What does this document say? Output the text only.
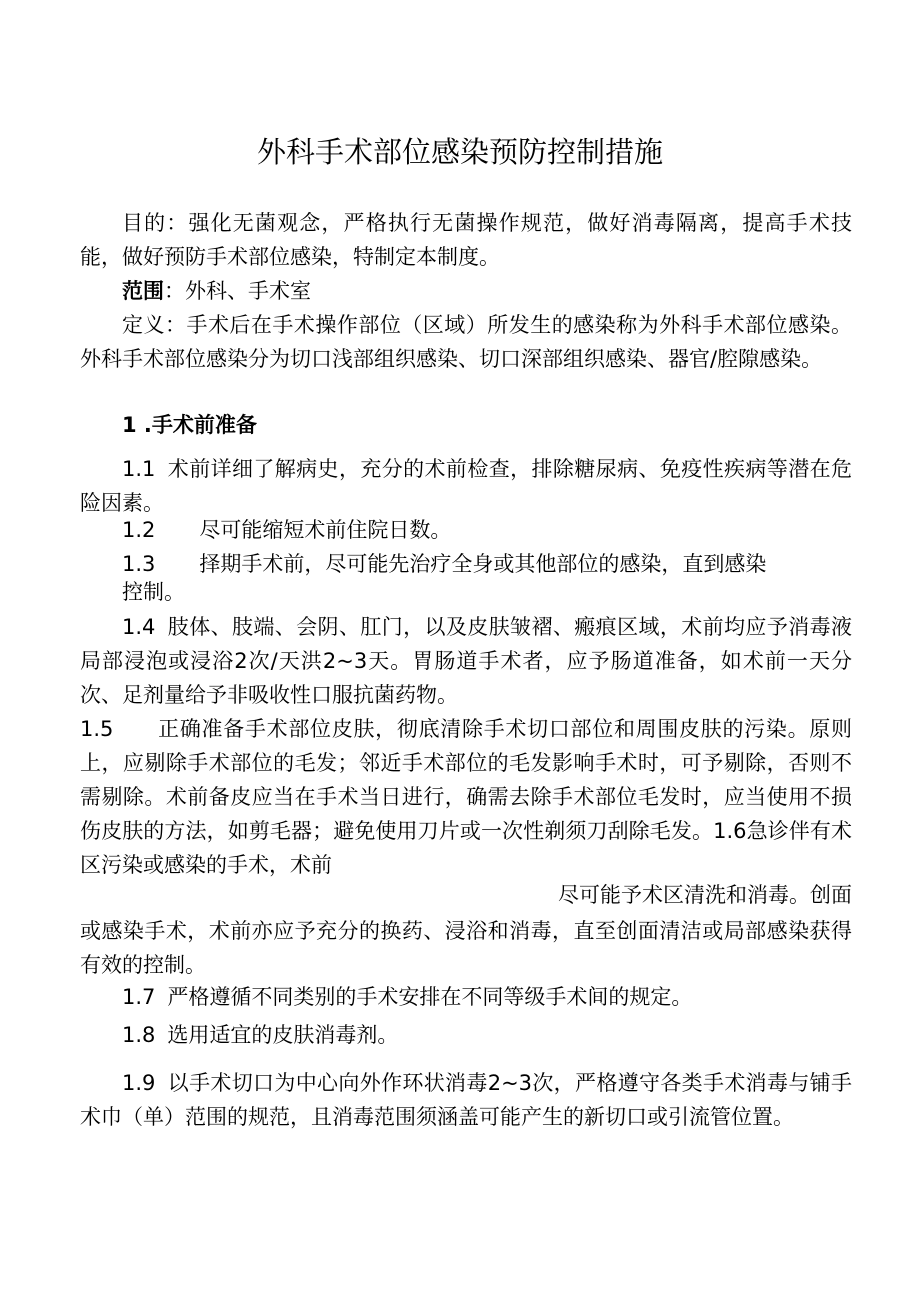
外科手术部位感染预防控制措施

目的：强化无菌观念，严格执行无菌操作规范，做好消毒隔离，提高手术技能，做好预防手术部位感染，特制定本制度。

范围：外科、手术室

定义：手术后在手术操作部位（区域）所发生的感染称为外科手术部位感染。外科手术部位感染分为切口浅部组织感染、切口深部组织感染、器官/腔隙感染。

1 .手术前准备

1.1 术前详细了解病史，充分的术前检查，排除糖尿病、免疫性疾病等潜在危险因素。

1.2 尽可能缩短术前住院日数。

1.3 择期手术前，尽可能先治疗全身或其他部位的感染，直到感染

控制。

1.4 肢体、肢端、会阴、肛门，以及皮肤皱褶、瘢痕区域，术前均应予消毒液局部浸泡或浸浴2次/天洪2~3天。胃肠道手术者，应予肠道准备，如术前一天分次、足剂量给予非吸收性口服抗菌药物。

1.5 正确准备手术部位皮肤，彻底清除手术切口部位和周围皮肤的污染。原则上，应剔除手术部位的毛发；邻近手术部位的毛发影响手术时，可予剔除，否则不需剔除。术前备皮应当在手术当日进行，确需去除手术部位毛发时，应当使用不损伤皮肤的方法，如剪毛器；避免使用刀片或一次性剃须刀刮除毛发。1.6急诊伴有术区污染或感染的手术，术前

尽可能予术区清洗和消毒。创面

或感染手术，术前亦应予充分的换药、浸浴和消毒，直至创面清洁或局部感染获得有效的控制。

1.7 严格遵循不同类别的手术安排在不同等级手术间的规定。

1.8 选用适宜的皮肤消毒剂。

1.9 以手术切口为中心向外作环状消毒2~3次，严格遵守各类手术消毒与铺手术巾（单）范围的规范，且消毒范围须涵盖可能产生的新切口或引流管位置。
